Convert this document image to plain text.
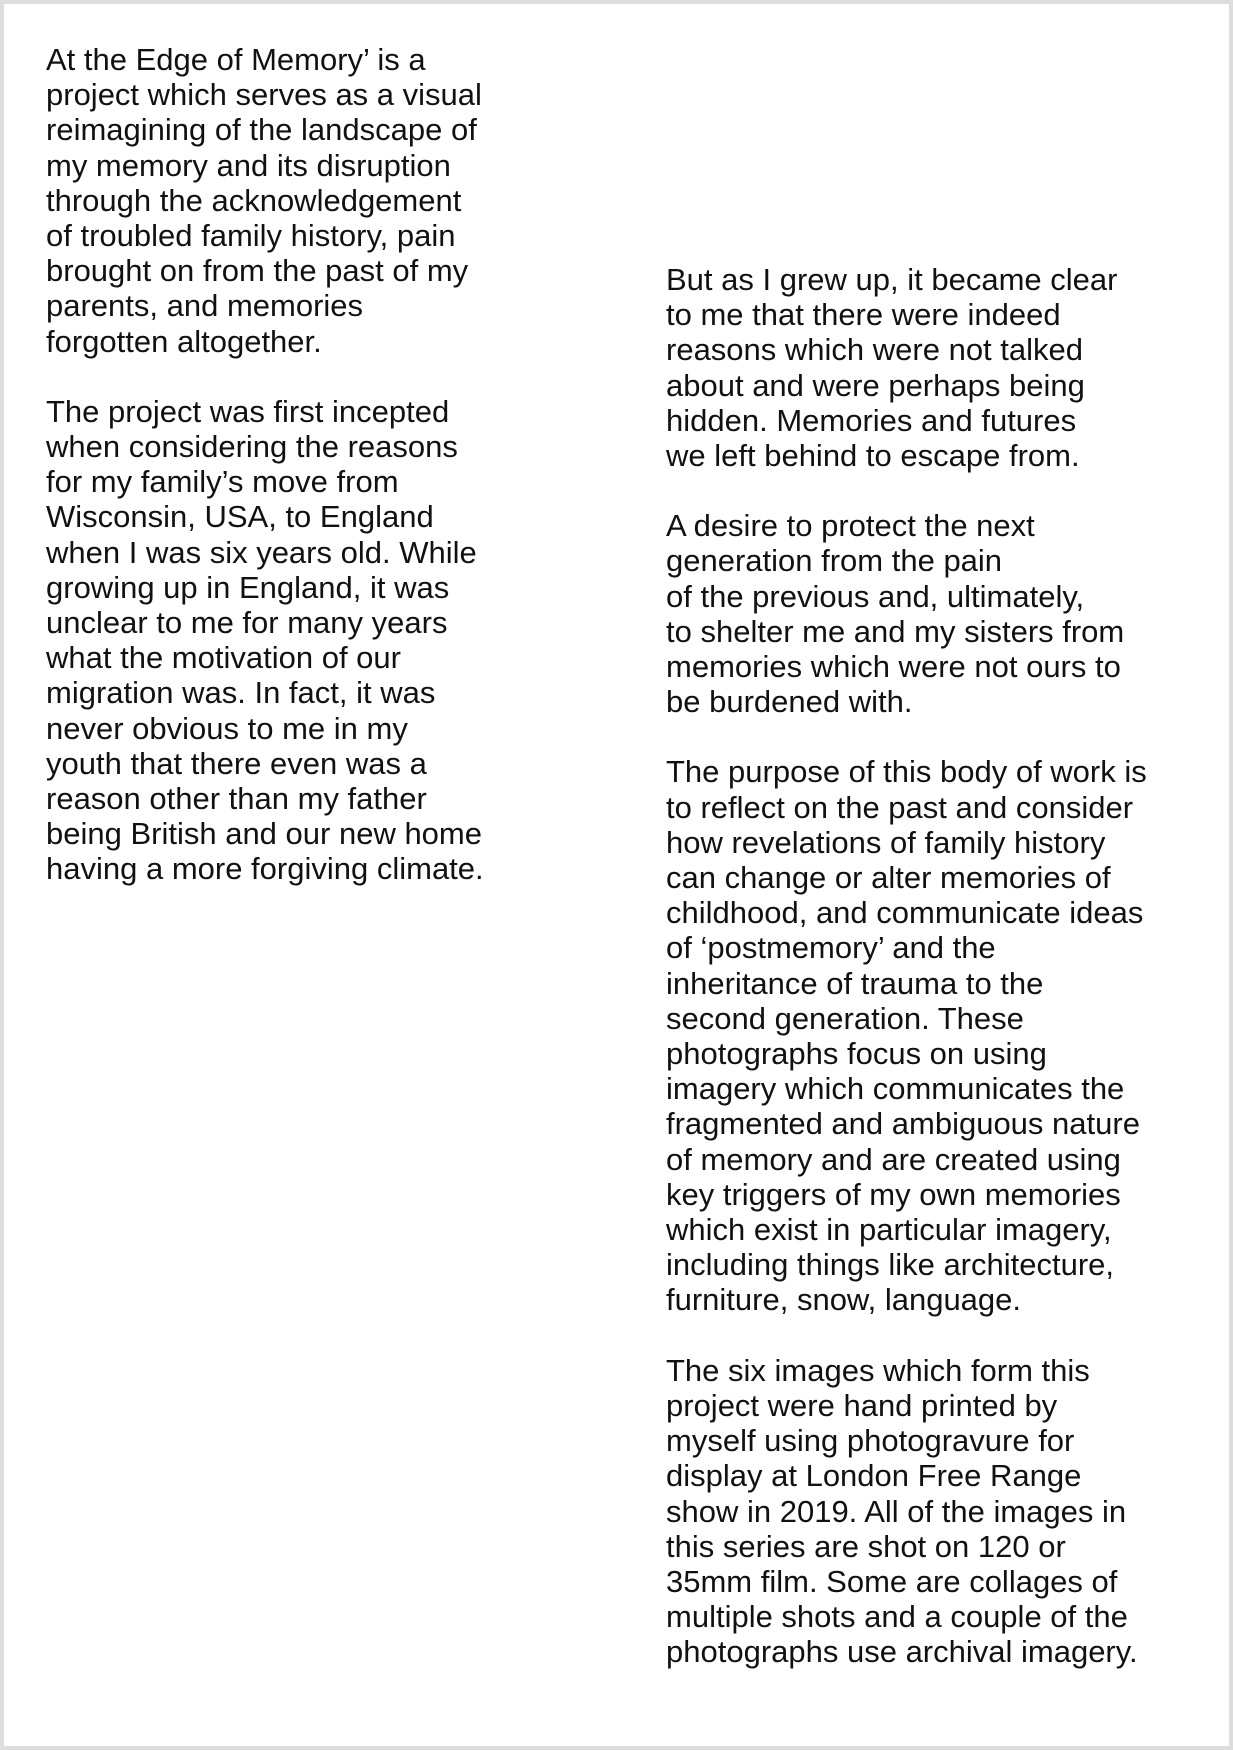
At the Edge of Memory’ is a
project which serves as a visual
reimagining of the landscape of
my memory and its disruption
through the acknowledgement
of troubled family history, pain
brought on from the past of my
parents, and memories
forgotten altogether.

The project was first incepted
when considering the reasons
for my family’s move from
Wisconsin, USA, to England
when I was six years old. While
growing up in England, it was
unclear to me for many years
what the motivation of our
migration was. In fact, it was
never obvious to me in my
youth that there even was a
reason other than my father
being British and our new home
having a more forgiving climate.

But as I grew up, it became clear
to me that there were indeed
reasons which were not talked
about and were perhaps being
hidden. Memories and futures
we left behind to escape from.

A desire to protect the next
generation from the pain
of the previous and, ultimately,
to shelter me and my sisters from
memories which were not ours to
be burdened with.

The purpose of this body of work is
to reflect on the past and consider
how revelations of family history
can change or alter memories of
childhood, and communicate ideas
of ‘postmemory’ and the
inheritance of trauma to the
second generation. These
photographs focus on using
imagery which communicates the
fragmented and ambiguous nature
of memory and are created using
key triggers of my own memories
which exist in particular imagery,
including things like architecture,
furniture, snow, language.

The six images which form this
project were hand printed by
myself using photogravure for
display at London Free Range
show in 2019. All of the images in
this series are shot on 120 or
35mm film. Some are collages of
multiple shots and a couple of the
photographs use archival imagery.
